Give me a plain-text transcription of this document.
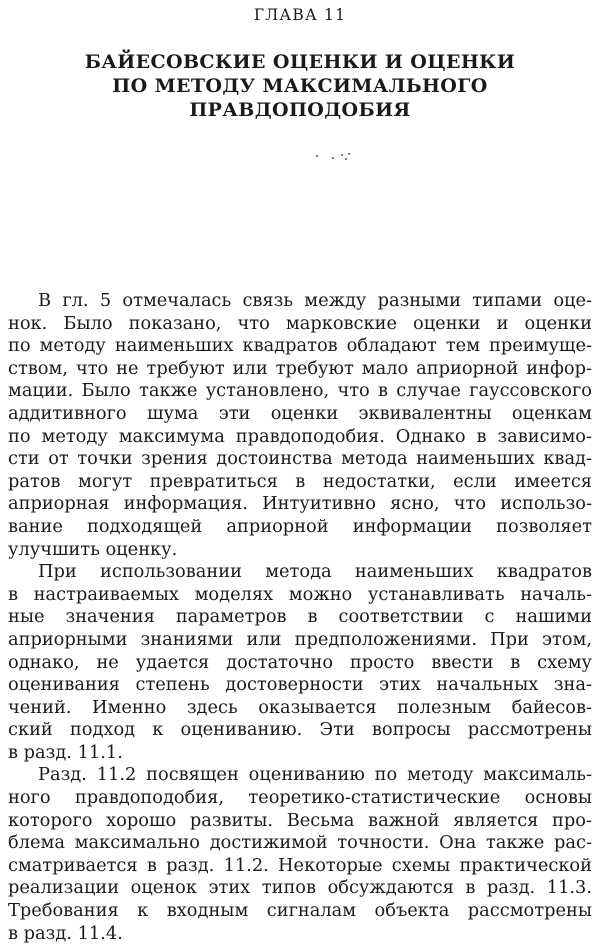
ГЛАВА 11
БАЙЕСОВСКИЕ ОЦЕНКИ И ОЦЕНКИ
ПО МЕТОДУ МАКСИМАЛЬНОГО
ПРАВДОПОДОБИЯ
В гл. 5 отмечалась связь между разными типами оце-
нок. Было показано, что марковские оценки и оценки
по методу наименьших квадратов обладают тем преимуще-
ством, что не требуют или требуют мало априорной инфор-
мации. Было также установлено, что в случае гауссовского
аддитивного шума эти оценки эквивалентны оценкам
по методу максимума правдоподобия. Однако в зависимо-
сти от точки зрения достоинства метода наименьших квад-
ратов могут превратиться в недостатки, если имеется
априорная информация. Интуитивно ясно, что использо-
вание подходящей априорной информации позволяет
улучшить оценку.
При использовании метода наименьших квадратов
в настраиваемых моделях можно устанавливать началь-
ные значения параметров в соответствии с нашими
априорными знаниями или предположениями. При этом,
однако, не удается достаточно просто ввести в схему
оценивания степень достоверности этих начальных зна-
чений. Именно здесь оказывается полезным байесов-
ский подход к оцениванию. Эти вопросы рассмотрены
в разд. 11.1.
Разд. 11.2 посвящен оцениванию по методу максималь-
ного правдоподобия, теоретико-статистические основы
которого хорошо развиты. Весьма важной является про-
блема максимально достижимой точности. Она также рас-
сматривается в разд. 11.2. Некоторые схемы практической
реализации оценок этих типов обсуждаются в разд. 11.3.
Требования к входным сигналам объекта рассмотрены
в разд. 11.4.
